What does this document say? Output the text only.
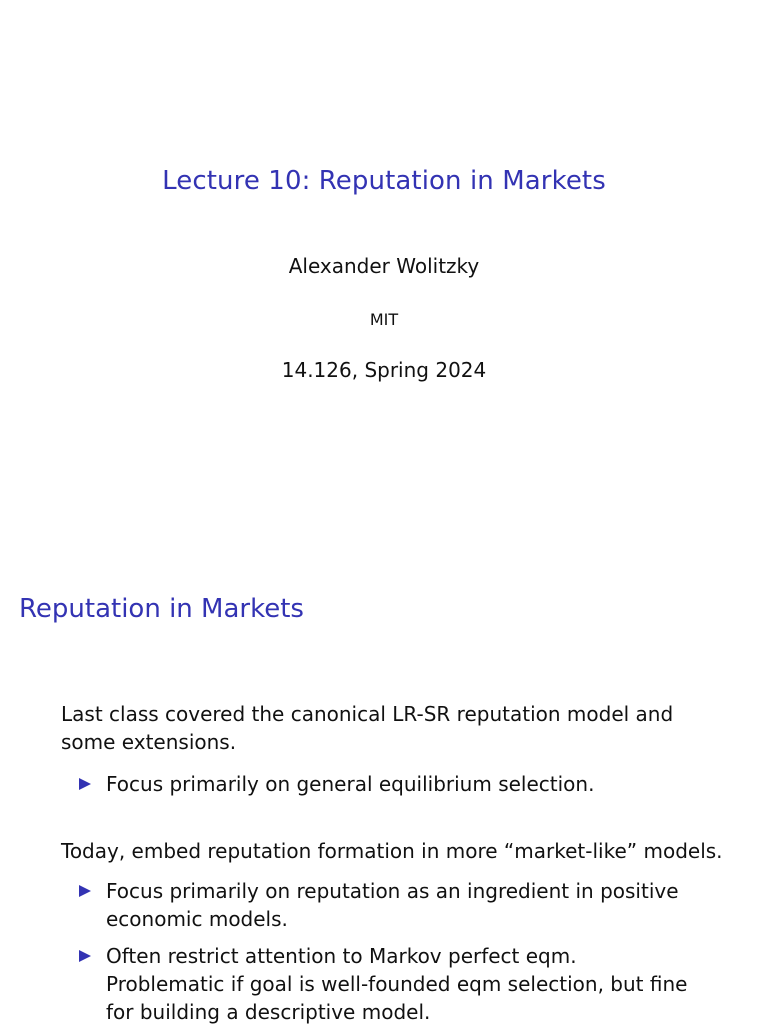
Lecture 10: Reputation in Markets
Alexander Wolitzky
MIT
14.126, Spring 2024
Reputation in Markets
Last class covered the canonical LR-SR reputation model and some extensions.
Focus primarily on general equilibrium selection.
Today, embed reputation formation in more “market-like” models.
Focus primarily on reputation as an ingredient in positive economic models.
Often restrict attention to Markov perfect eqm. Problematic if goal is well-founded eqm selection, but fine for building a descriptive model.
